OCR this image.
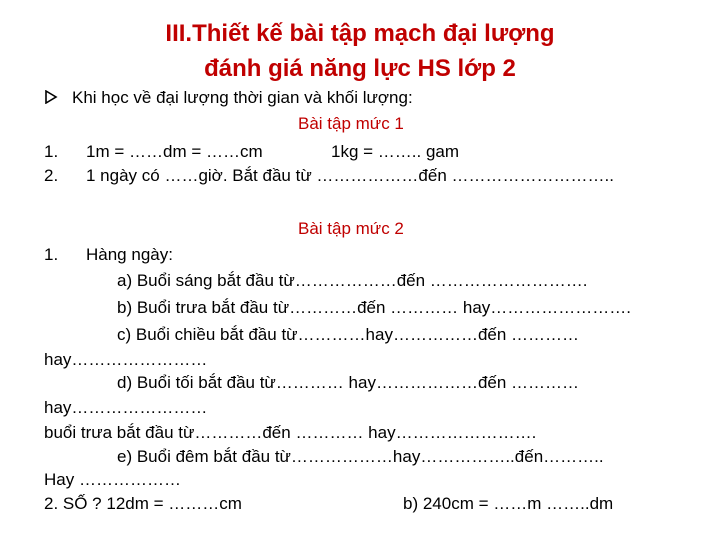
III.Thiết kế bài tập mạch đại lượng
đánh giá năng lực HS lớp 2
Khi học về đại lượng thời gian và khối lượng:
Bài tập mức 1
1. 1m = ……dm = ……cm	1kg = …….. gam
2. 1 ngày có ……giờ. Bắt đầu từ ………………đến ………………………..
Bài tập mức 2
1. Hàng ngày:
a) Buổi sáng bắt đầu từ………………đến ……………………….
b) Buổi trưa bắt đầu từ…………đến ………… hay…………………….
c) Buổi chiều bắt đầu từ…………hay……………đến …………
hay……………………
d) Buổi tối bắt đầu từ………… hay………………đến …………
hay……………………
buổi trưa bắt đầu từ…………đến ………… hay…………………….
e) Buổi đêm bắt đầu từ………………hay……………..đến………..
Hay ………………
2. SỐ ? 12dm = ………cm	b) 240cm = ……m ……..dm
